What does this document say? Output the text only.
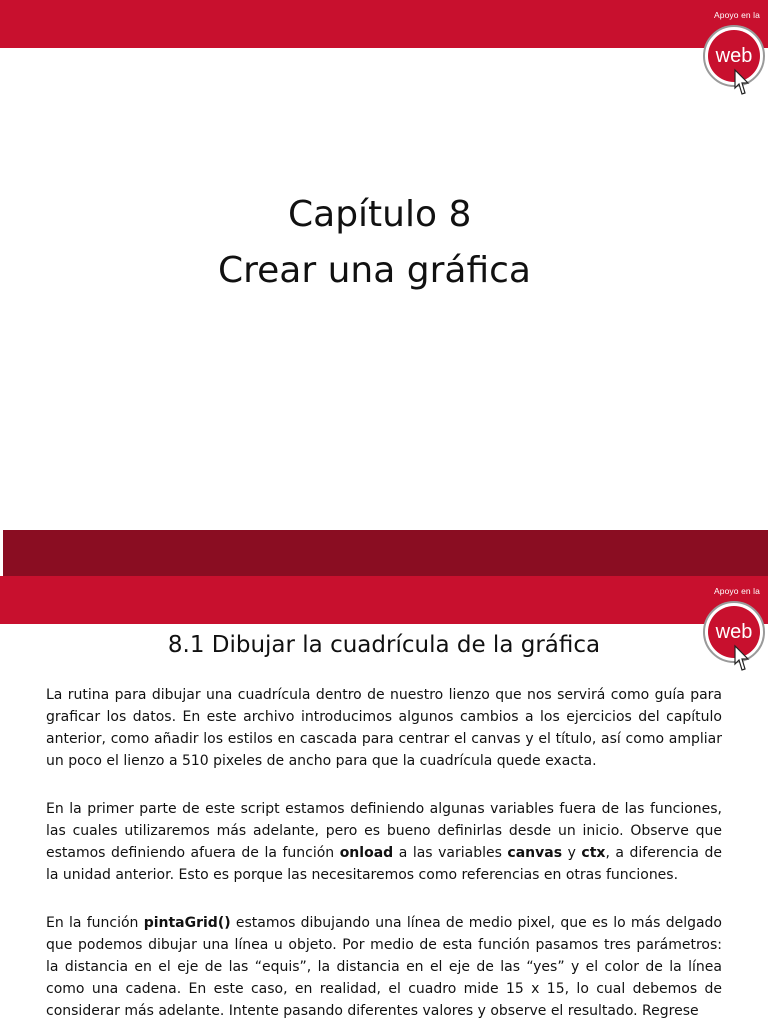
Apoyo en la
web
Capítulo 8
Crear una gráfica
Apoyo en la
web
8.1 Dibujar la cuadrícula de la gráfica

La rutina para dibujar una cuadrícula dentro de nuestro lienzo que nos servirá como guía para graficar los datos. En este archivo introducimos algunos cambios a los ejercicios del capítulo anterior, como añadir los estilos en cascada para centrar el canvas y el título, así como ampliar un poco el lienzo a 510 pixeles de ancho para que la cuadrícula quede exacta.

En la primer parte de este script estamos definiendo algunas variables fuera de las funciones, las cuales utilizaremos más adelante, pero es bueno definirlas desde un inicio. Observe que estamos definiendo afuera de la función onload a las variables canvas y ctx, a diferencia de la unidad anterior. Esto es porque las necesitaremos como referencias en otras funciones.

En la función pintaGrid() estamos dibujando una línea de medio pixel, que es lo más delgado que podemos dibujar una línea u objeto. Por medio de esta función pasamos tres parámetros: la distancia en el eje de las “equis”, la distancia en el eje de las “yes” y el color de la línea como una cadena. En este caso, en realidad, el cuadro mide 15 x 15, lo cual debemos de considerar más adelante. Intente pasando diferentes valores y observe el resultado. Regrese
